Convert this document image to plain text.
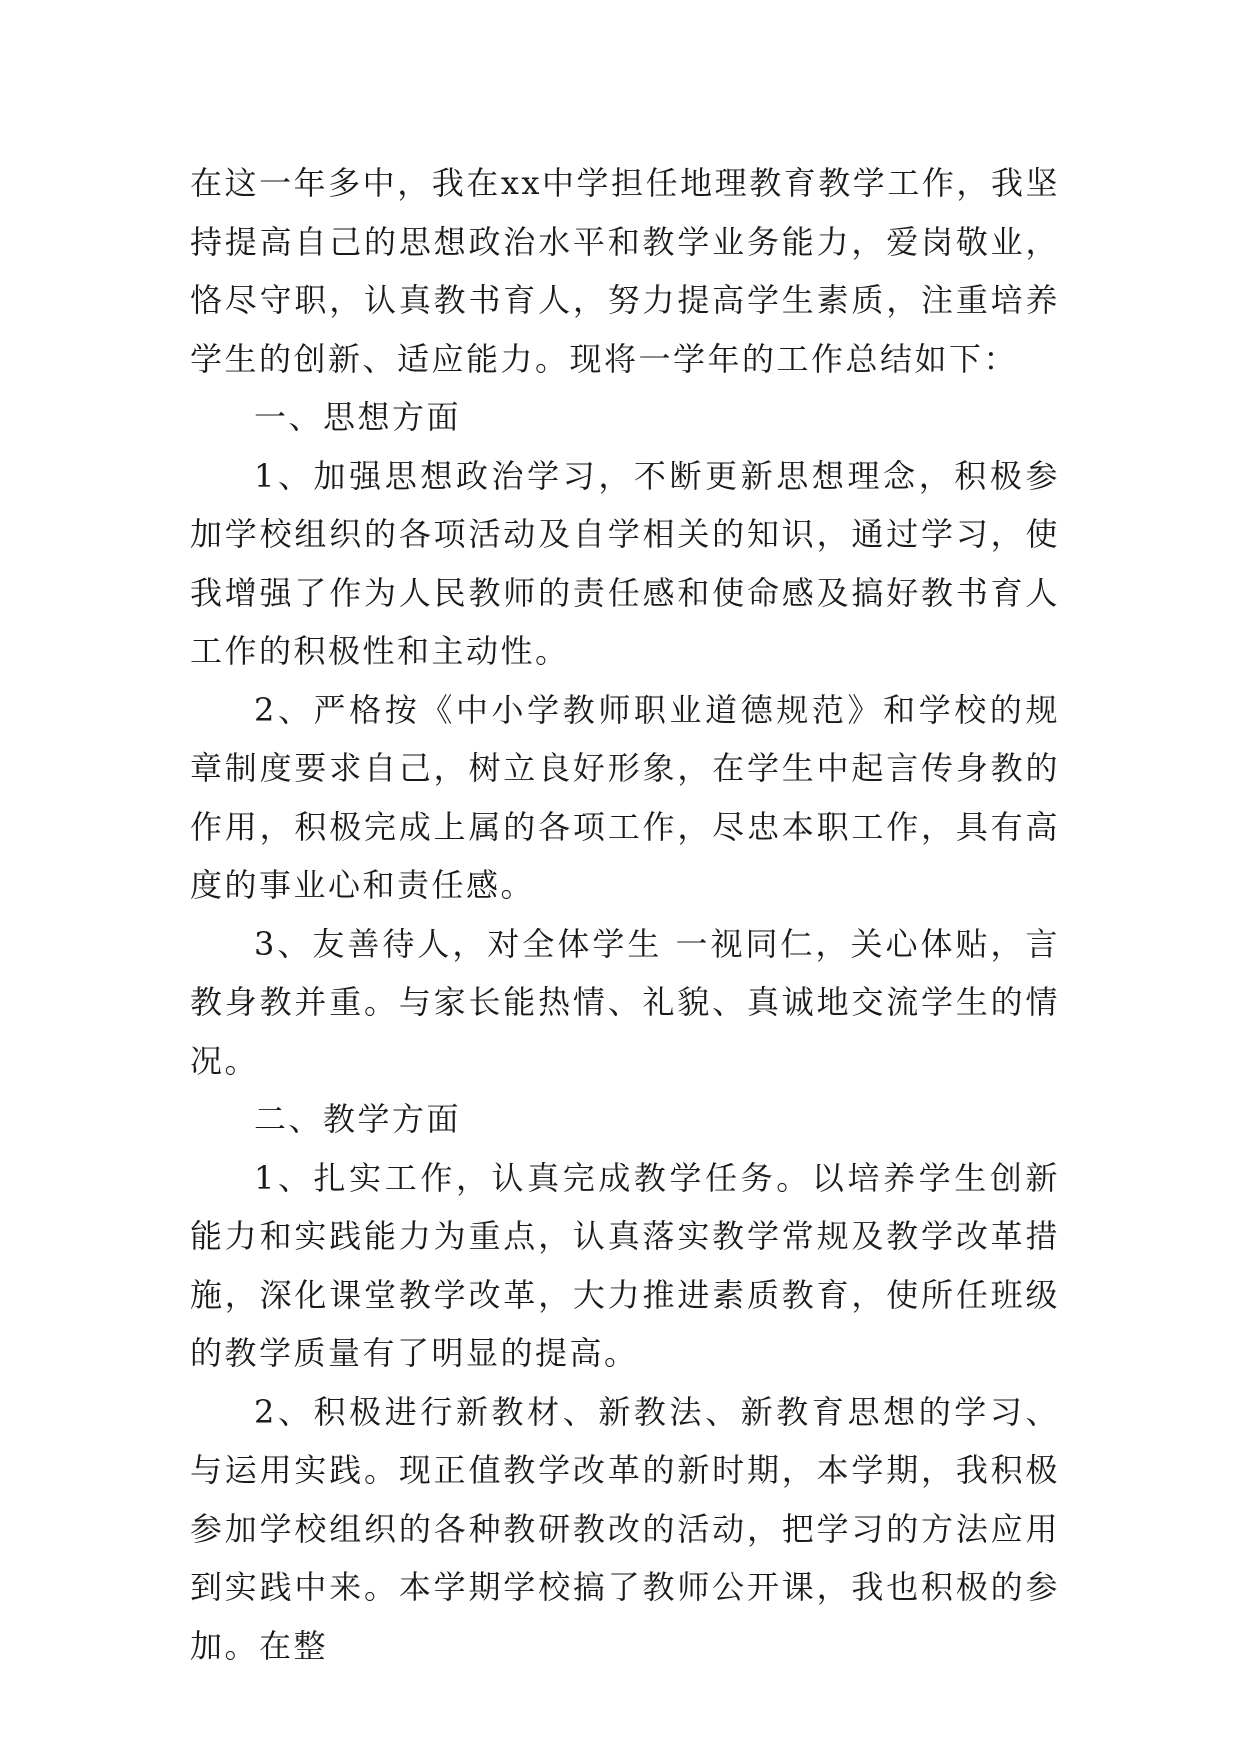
在这一年多中，我在xx中学担任地理教育教学工作，我坚持提高自己的思想政治水平和教学业务能力，爱岗敬业，恪尽守职，认真教书育人，努力提高学生素质，注重培养学生的创新、适应能力。现将一学年的工作总结如下：

一、思想方面

1、加强思想政治学习，不断更新思想理念，积极参加学校组织的各项活动及自学相关的知识，通过学习，使我增强了作为人民教师的责任感和使命感及搞好教书育人工作的积极性和主动性。

2、严格按《中小学教师职业道德规范》和学校的规章制度要求自己，树立良好形象，在学生中起言传身教的作用，积极完成上属的各项工作，尽忠本职工作，具有高度的事业心和责任感。

3、友善待人，对全体学生 一视同仁，关心体贴，言教身教并重。与家长能热情、礼貌、真诚地交流学生的情况。

二、教学方面

1、扎实工作，认真完成教学任务。以培养学生创新能力和实践能力为重点，认真落实教学常规及教学改革措施，深化课堂教学改革，大力推进素质教育，使所任班级的教学质量有了明显的提高。

2、积极进行新教材、新教法、新教育思想的学习、与运用实践。现正值教学改革的新时期，本学期，我积极参加学校组织的各种教研教改的活动，把学习的方法应用到实践中来。本学期学校搞了教师公开课，我也积极的参加。在整
